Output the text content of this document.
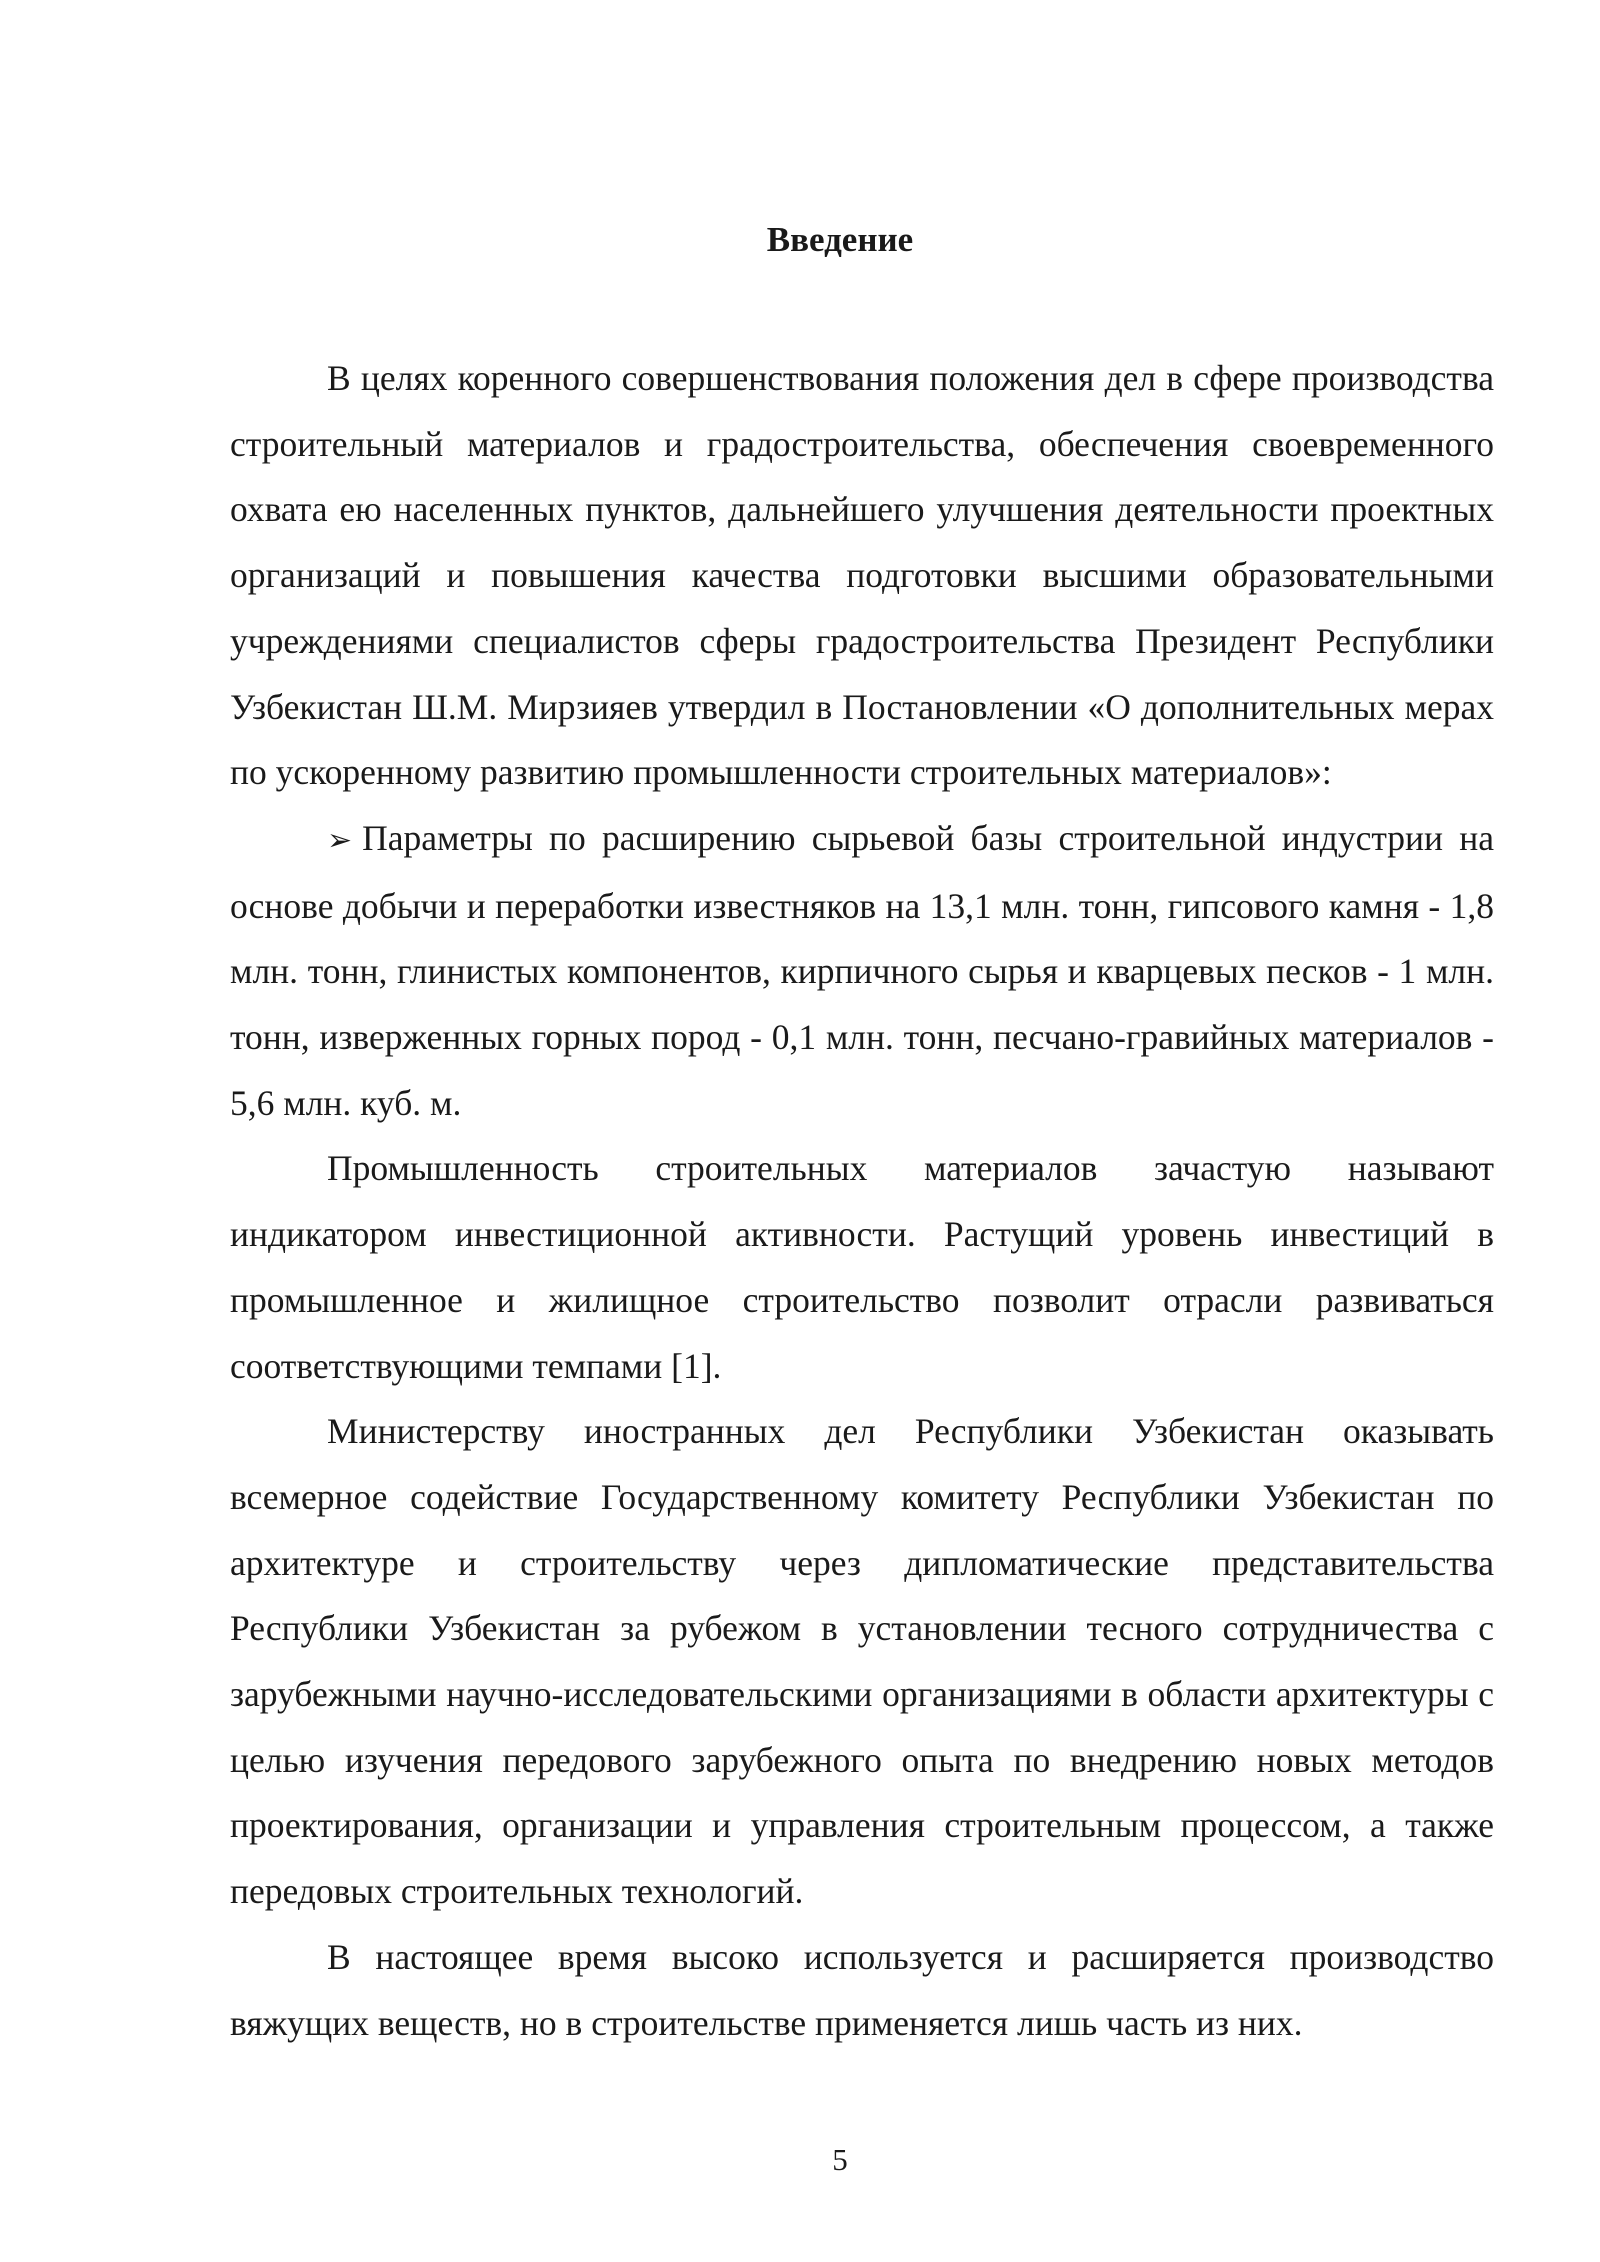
Введение

В целях коренного совершенствования положения дел в сфере производства строительный материалов и градостроительства, обеспечения своевременного охвата ею населенных пунктов, дальнейшего улучшения деятельности проектных организаций и повышения качества подготовки высшими образовательными учреждениями специалистов сферы градостроительства Президент Республики Узбекистан Ш.М. Мирзияев утвердил в Постановлении «О дополнительных мерах по ускоренному развитию промышленности строительных материалов»:

➢ Параметры по расширению сырьевой базы строительной индустрии на основе добычи и переработки известняков на 13,1 млн. тонн, гипсового камня - 1,8 млн. тонн, глинистых компонентов, кирпичного сырья и кварцевых песков - 1 млн. тонн, изверженных горных пород - 0,1 млн. тонн, песчано-гравийных материалов - 5,6 млн. куб. м.

Промышленность строительных материалов зачастую называют индикатором инвестиционной активности. Растущий уровень инвестиций в промышленное и жилищное строительство позволит отрасли развиваться соответствующими темпами [1].

Министерству иностранных дел Республики Узбекистан оказывать всемерное содействие Государственному комитету Республики Узбекистан по архитектуре и строительству через дипломатические представительства Республики Узбекистан за рубежом в установлении тесного сотрудничества с зарубежными научно-исследовательскими организациями в области архитектуры с целью изучения передового зарубежного опыта по внедрению новых методов проектирования, организации и управления строительным процессом, а также передовых строительных технологий.

В настоящее время высоко используется и расширяется производство вяжущих веществ, но в строительстве применяется лишь часть из них.

5
